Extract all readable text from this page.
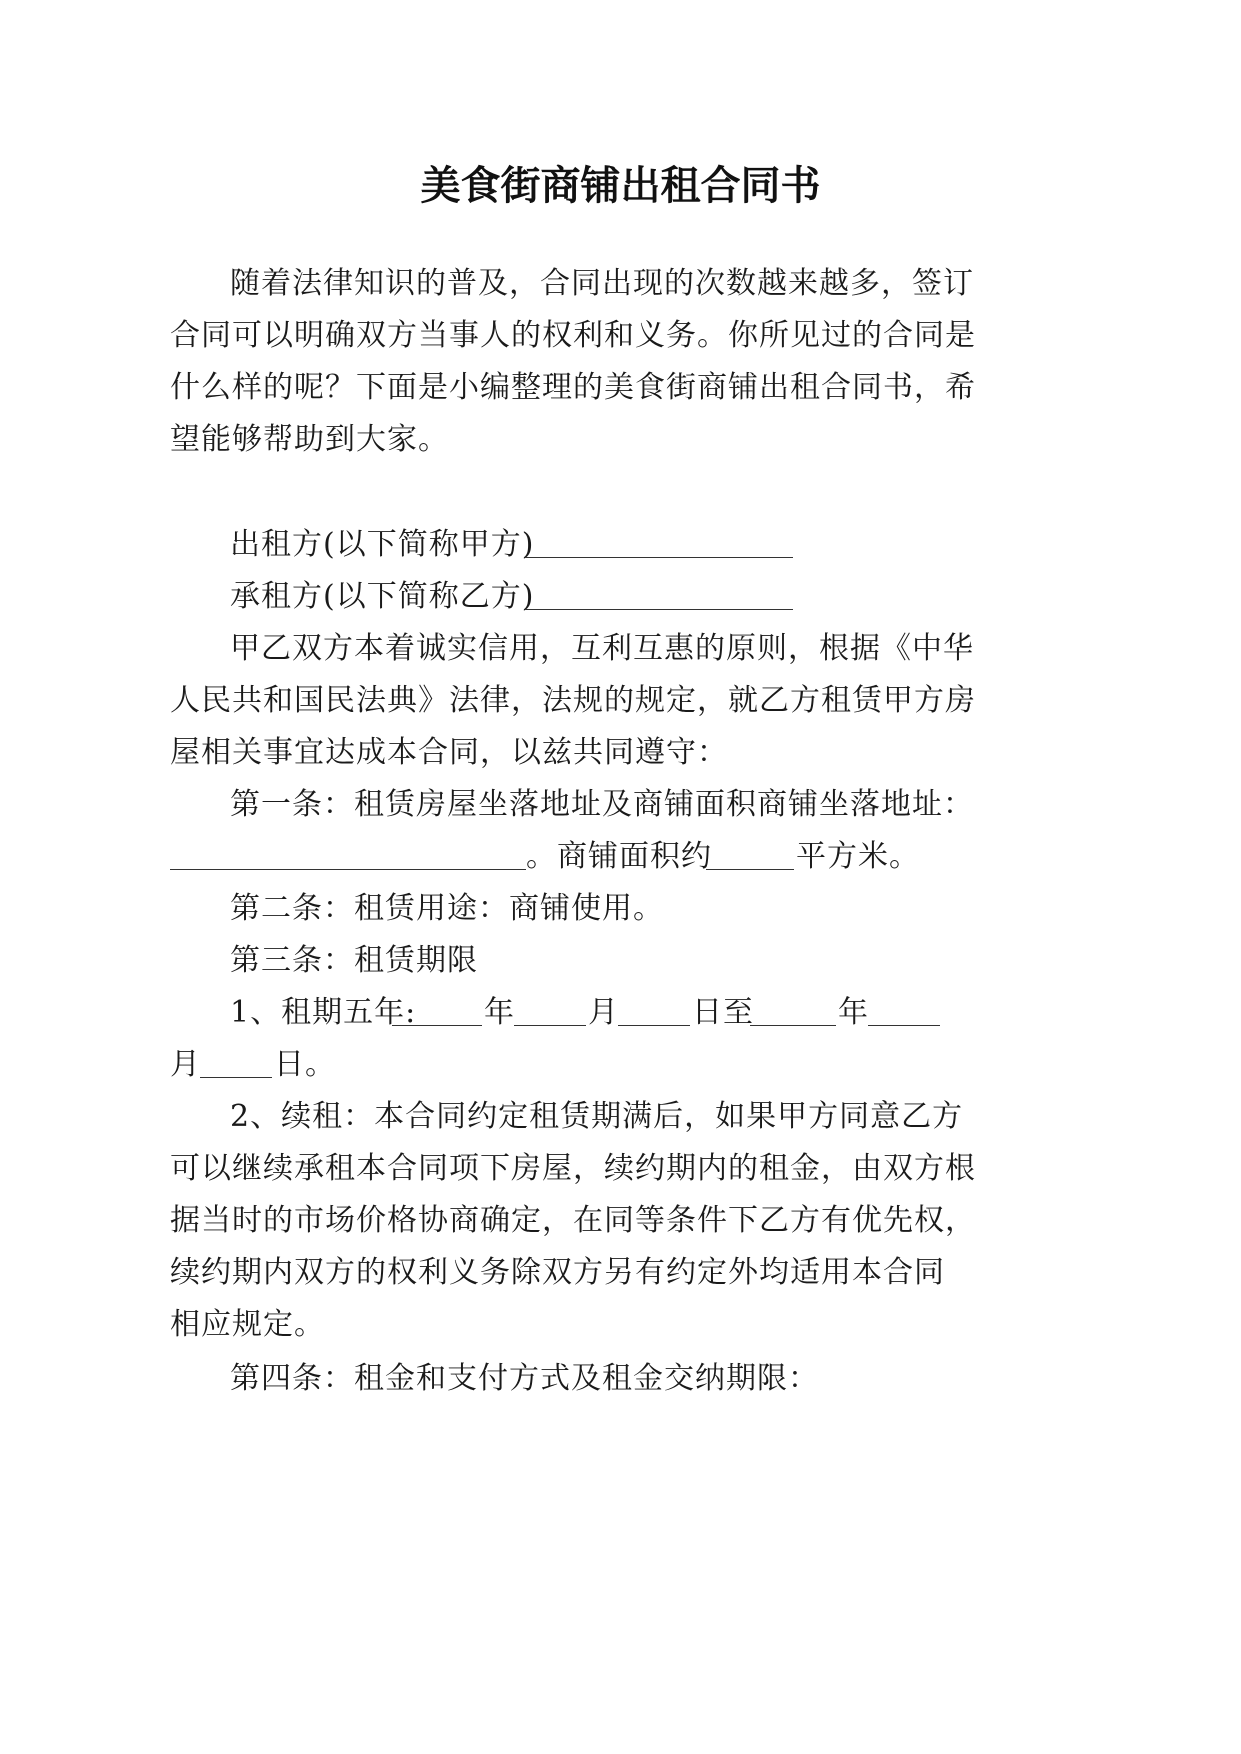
美食街商铺出租合同书
随着法律知识的普及，合同出现的次数越来越多，签订
合同可以明确双方当事人的权利和义务。你所见过的合同是
什么样的呢？下面是小编整理的美食街商铺出租合同书，希
望能够帮助到大家。
出租方(以下简称甲方)
承租方(以下简称乙方)
甲乙双方本着诚实信用，互利互惠的原则，根据《中华
人民共和国民法典》法律，法规的规定，就乙方租赁甲方房
屋相关事宜达成本合同，以兹共同遵守：
第一条：租赁房屋坐落地址及商铺面积商铺坐落地址：
。商铺面积约	平方米。
第二条：租赁用途：商铺使用。
第三条：租赁期限
1、租期五年: 年 月 日至	年
月 日。
2、续租：本合同约定租赁期满后，如果甲方同意乙方
可以继续承租本合同项下房屋，续约期内的租金，由双方根
据当时的市场价格协商确定，在同等条件下乙方有优先权，
续约期内双方的权利义务除双方另有约定外均适用本合同
相应规定。
第四条：租金和支付方式及租金交纳期限：
